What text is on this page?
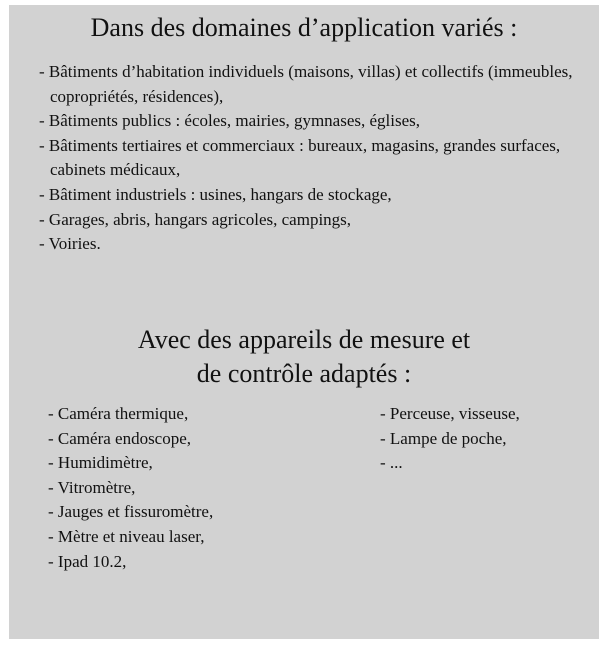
Dans des domaines d’application variés :
- Bâtiments d’habitation individuels (maisons, villas) et collectifs (immeubles, copropriétés, résidences),
- Bâtiments publics : écoles, mairies, gymnases, églises,
- Bâtiments tertiaires et commerciaux : bureaux, magasins, grandes surfaces, cabinets médicaux,
- Bâtiment industriels : usines, hangars de stockage,
- Garages, abris, hangars agricoles, campings,
- Voiries.
Avec des appareils de mesure et
de contrôle adaptés :
- Caméra thermique,
- Caméra endoscope,
- Humidimètre,
- Vitromètre,
- Jauges et fissuromètre,
- Mètre et niveau laser,
- Ipad 10.2,
- Perceuse, visseuse,
- Lampe de poche,
- ...
